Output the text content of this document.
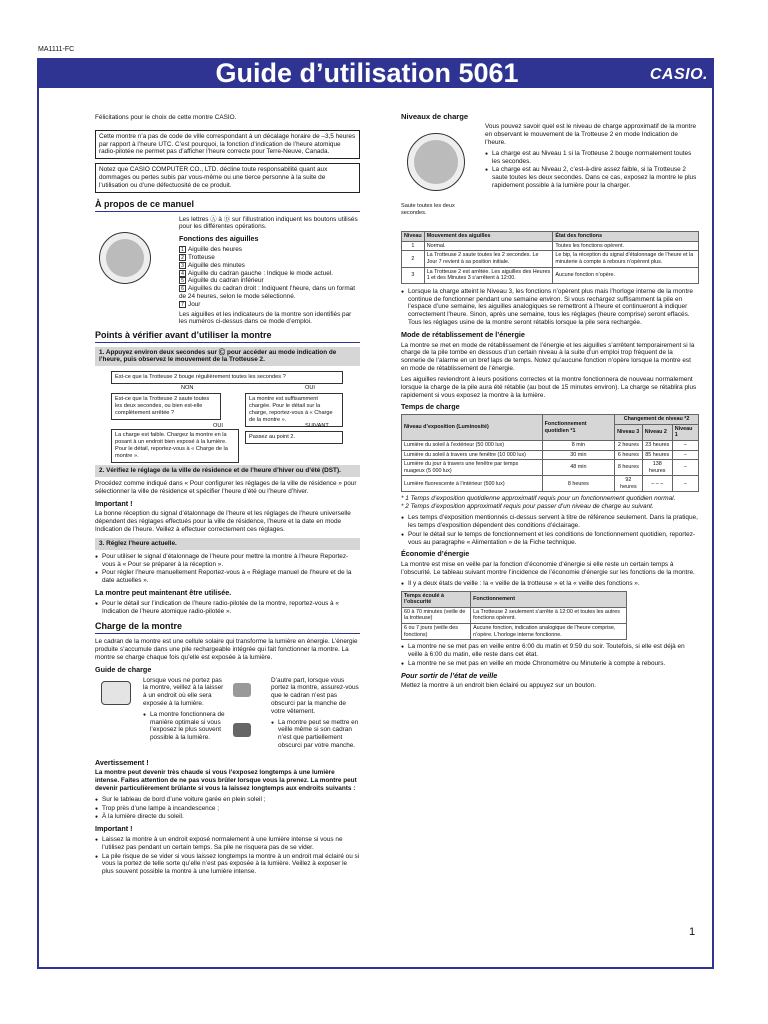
MA1111-FC
Guide d’utilisation 5061	CASIO.

Félicitations pour le choix de cette montre CASIO.

Cette montre n’a pas de code de ville correspondant à un décalage horaire de –3,5 heures par rapport à l’heure UTC. C’est pourquoi, la fonction d’indication de l’heure atomique radio-pilotée ne permet pas d’afficher l’heure correcte pour Terre-Neuve, Canada.
Notez que CASIO COMPUTER CO., LTD. décline toute responsabilité quant aux dommages ou pertes subis par vous-même ou une tierce personne à la suite de l’utilisation ou d’une défectuosité de ce produit.
À propos de ce manuel

Les lettres Ⓐ à Ⓓ sur l’illustration indiquent les boutons utilisés pour les différentes opérations.

Fonctions des aiguilles
1 Aiguille des heures
2 Trotteuse
3 Aiguille des minutes
4 Aiguille du cadran gauche : Indique le mode actuel.
5 Aiguille du cadran inférieur
6 Aiguilles du cadran droit : Indiquent l’heure, dans un format de 24 heures, selon le mode sélectionné.
7 Jour

Les aiguilles et les indicateurs de la montre son identifiés par les numéros ci-dessus dans ce mode d’emploi.

Points à vérifier avant d’utiliser la montre
1. Appuyez environ deux secondes sur Ⓒ pour accéder au mode indication de l’heure, puis observez le mouvement de la Trotteuse 2.
Est-ce que la Trotteuse 2 bouge régulièrement toutes les secondes ?
NON	OUI
Est-ce que la Trotteuse 2 saute toutes les deux secondes, ou bien est-elle complètement arrêtée ?
La montre est suffisamment chargée. Pour le détail sur la charge, reportez-vous à « Charge de la montre ».
OUI	SUIVANT
La charge est faible. Chargez la montre en la posant à un endroit bien exposé à la lumière. Pour le détail, reportez-vous à « Charge de la montre ».
Passez au point 2.
2. Vérifiez le réglage de la ville de résidence et de l’heure d’hiver ou d’été (DST).

Procédez comme indiqué dans « Pour configurer les réglages de la ville de résidence » pour sélectionner la ville de résidence et spécifier l’heure d’été ou l’heure d’hiver.

Important !

La bonne réception du signal d’étalonnage de l’heure et les réglages de l’heure universelle dépendent des réglages effectués pour la ville de résidence, l’heure et la date en mode Indication de l’heure. Veillez à effectuer correctement ces réglages.

3. Réglez l’heure actuelle.
● Pour utiliser le signal d’étalonnage de l’heure pour mettre la montre à l’heure Reportez-vous à « Pour se préparer à la réception ».
● Pour régler l’heure manuellement Reportez-vous à « Réglage manuel de l’heure et de la date actuelles ».
La montre peut maintenant être utilisée.
● Pour le détail sur l’indication de l’heure radio-pilotée de la montre, reportez-vous à « Indication de l’heure atomique radio-pilotée ».
Charge de la montre

Le cadran de la montre est une cellule solaire qui transforme la lumière en énergie. L’énergie produite s’accumule dans une pile rechargeable intégrée qui fait fonctionner la montre. La montre se charge chaque fois qu’elle est exposée à la lumière.

Guide de charge

Lorsque vous ne portez pas la montre, veillez à la laisser à un endroit où elle sera exposée à la lumière.

● La montre fonctionnera de manière optimale si vous l’exposez le plus souvent possible à la lumière.

D’autre part, lorsque vous portez la montre, assurez-vous que le cadran n’est pas obscurci par la manche de votre vêtement.

● La montre peut se mettre en veille même si son cadran n’est que partiellement obscurci par votre manche.
Avertissement !

La montre peut devenir très chaude si vous l’exposez longtemps à une lumière intense. Faites attention de ne pas vous brûler lorsque vous la prenez. La montre peut devenir particulièrement brûlante si vous la laissez longtemps aux endroits suivants :

● Sur le tableau de bord d’une voiture garée en plein soleil ;
● Trop près d’une lampe à incandescence ;
● À la lumière directe du soleil.
Important !
● Laissez la montre à un endroit exposé normalement à une lumière intense si vous ne l’utilisez pas pendant un certain temps. Sa pile ne risquera pas de se vider.
● La pile risque de se vider si vous laissez longtemps la montre à un endroit mal éclairé ou si vous la portez de telle sorte qu’elle n’est pas exposée à la lumière. Veillez à exposer le plus souvent possible la montre à une lumière intense.
Niveaux de charge
Saute toutes les deux secondes.

Vous pouvez savoir quel est le niveau de charge approximatif de la montre en observant le mouvement de la Trotteuse 2 en mode Indication de l’heure.

● La charge est au Niveau 1 si la Trotteuse 2 bouge normalement toutes les secondes.
● La charge est au Niveau 2, c’est-à-dire assez faible, si la Trotteuse 2 saute toutes les deux secondes. Dans ce cas, exposez la montre le plus rapidement possible à la lumière pour la charger.
Niveau	Mouvement des aiguilles	État des fonctions
1	Normal.	Toutes les fonctions opèrent.
2	La Trotteuse 2 saute toutes les 2 secondes. Le Jour 7 revient à sa position initiale.	Le bip, la réception du signal d’étalonnage de l’heure et la minuterie à compte à rebours n’opèrent plus.
3	La Trotteuse 2 est arrêtée. Les aiguilles des Heures 1 et des Minutes 3 s’arrêtent à 12:00.	Aucune fonction n’opère.
● Lorsque la charge atteint le Niveau 3, les fonctions n’opèrent plus mais l’horloge interne de la montre continue de fonctionner pendant une semaine environ. Si vous rechargez suffisamment la pile en l’espace d’une semaine, les aiguilles analogiques se remettront à l’heure et continueront à indiquer correctement l’heure. Sinon, après une semaine, tous les réglages (heure comprise) seront effacés. Tous les réglages usine de la montre seront rétablis lorsque la pile sera rechargée.
Mode de rétablissement de l’énergie

La montre se met en mode de rétablissement de l’énergie et les aiguilles s’arrêtent temporairement si la charge de la pile tombe en dessous d’un certain niveau à la suite d’un emploi trop fréquent de la sonnerie de l’alarme en un bref laps de temps. Notez qu’aucune fonction n’opère lorsque la montre est en mode de rétablissement de l’énergie.

Les aiguilles reviendront à leurs positions correctes et la montre fonctionnera de nouveau normalement lorsque la charge de la pile aura été rétablie (au bout de 15 minutes environ). La charge se rétablira plus rapidement si vous exposez la montre à la lumière.

Temps de charge
Niveau d’exposition (Luminosité)	Fonctionnement quotidien *1	Changement de niveau *2		
		Niveau 3	Niveau 2	Niveau 1
Lumière du soleil à l’extérieur (50 000 lux)	8 min	2 heures	23 heures	–
Lumière du soleil à travers une fenêtre (10 000 lux)	30 min	6 heures	85 heures	–
Lumière du jour à travers une fenêtre par temps nuageux (5 000 lux)	48 min	8 heures	138 heures	–
Lumière fluorescente à l’intérieur (500 lux)	8 heures	92 heures	– – –	–

* 1 Temps d’exposition quotidienne approximatif requis pour un fonctionnement quotidien normal.

* 2 Temps d’exposition approximatif requis pour passer d’un niveau de charge au suivant.

● Les temps d’exposition mentionnés ci-dessus servent à titre de référence seulement. Dans la pratique, les temps d’exposition dépendent des conditions d’éclairage.
● Pour le détail sur le temps de fonctionnement et les conditions de fonctionnement quotidien, reportez-vous au paragraphe « Alimentation » de la Fiche technique.
Économie d’énergie

La montre est mise en veille par la fonction d’économie d’énergie si elle reste un certain temps à l’obscurité. Le tableau suivant montre l’incidence de l’économie d’énergie sur les fonctions de la montre.

● Il y a deux états de veille : la « veille de la trotteuse » et la « veille des fonctions ».
Temps écoulé à l’obscurité	Fonctionnement
60 à 70 minutes (veille de la trotteuse)	La Trotteuse 2 seulement s’arrête à 12:00 et toutes les autres fonctions opèrent.
6 ou 7 jours (veille des fonctions)	Aucune fonction, indication analogique de l’heure comprise, n’opère. L’horloge interne fonctionne.
● La montre ne se met pas en veille entre 6:00 du matin et 9:59 du soir. Toutefois, si elle est déjà en veille à 6:00 du matin, elle reste dans cet état.
● La montre ne se met pas en veille en mode Chronomètre ou Minuterie à compte à rebours.
Pour sortir de l’état de veille

Mettez la montre à un endroit bien éclairé ou appuyez sur un bouton.

1
